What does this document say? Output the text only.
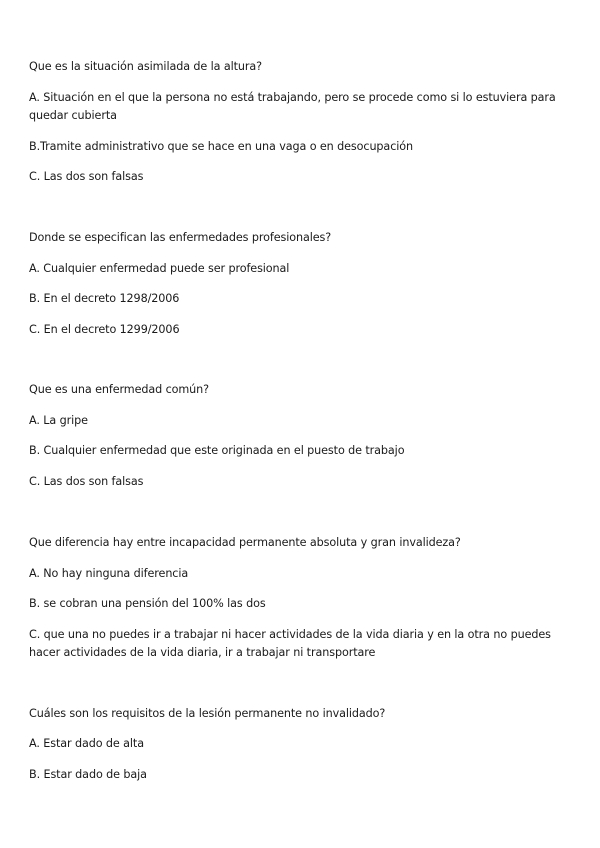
Que es la situación asimilada de la altura?
A. Situación en el que la persona no está trabajando, pero se procede como si lo estuviera para quedar cubierta
B.Tramite administrativo que se hace en una vaga o en desocupación
C. Las dos son falsas
Donde se especifican las enfermedades profesionales?
A. Cualquier enfermedad puede ser profesional
B. En el decreto 1298/2006
C. En el decreto 1299/2006
Que es una enfermedad común?
A. La gripe
B. Cualquier enfermedad que este originada en el puesto de trabajo
C. Las dos son falsas
Que diferencia hay entre incapacidad permanente absoluta y gran invalideza?
A. No hay ninguna diferencia
B. se cobran una pensión del 100% las dos
C. que una no puedes ir a trabajar ni hacer actividades de la vida diaria y en la otra no puedes hacer actividades de la vida diaria, ir a trabajar ni transportare
Cuáles son los requisitos de la lesión permanente no invalidado?
A. Estar dado de alta
B. Estar dado de baja
